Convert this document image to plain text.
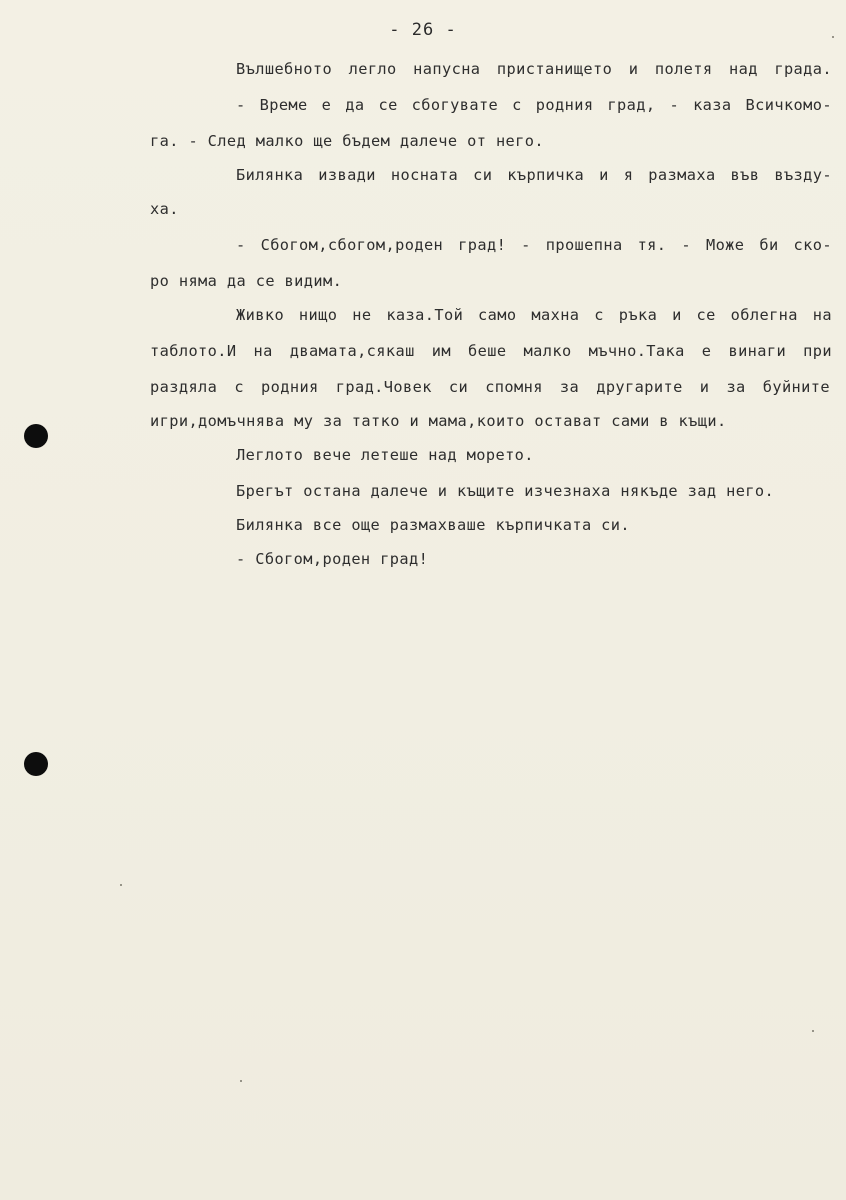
- 26 -
Вълшебното легло напусна пристанището и полетя над града.
- Време е да се сбогувате с родния град, - каза Всичкомо-
га. - След малко ще бъдем далече от него.
Билянка извади носната си кърпичка и я размаха във възду-
ха.
- Сбогом,сбогом,роден град! - прошепна тя. - Може би ско-
ро няма да се видим.
Живко нищо не каза.Той само махна с ръка и се облегна на
таблото.И на двамата,сякаш им беше малко мъчно.Така е винаги при
раздяла с родния град.Човек си спомня за другарите и за буйните
игри,домъчнява му за татко и мама,които остават сами в къщи.
Леглото вече летеше над морето.
Брегът остана далече и къщите изчезнаха някъде зад него.
Билянка все още размахваше кърпичката си.
- Сбогом,роден град!
